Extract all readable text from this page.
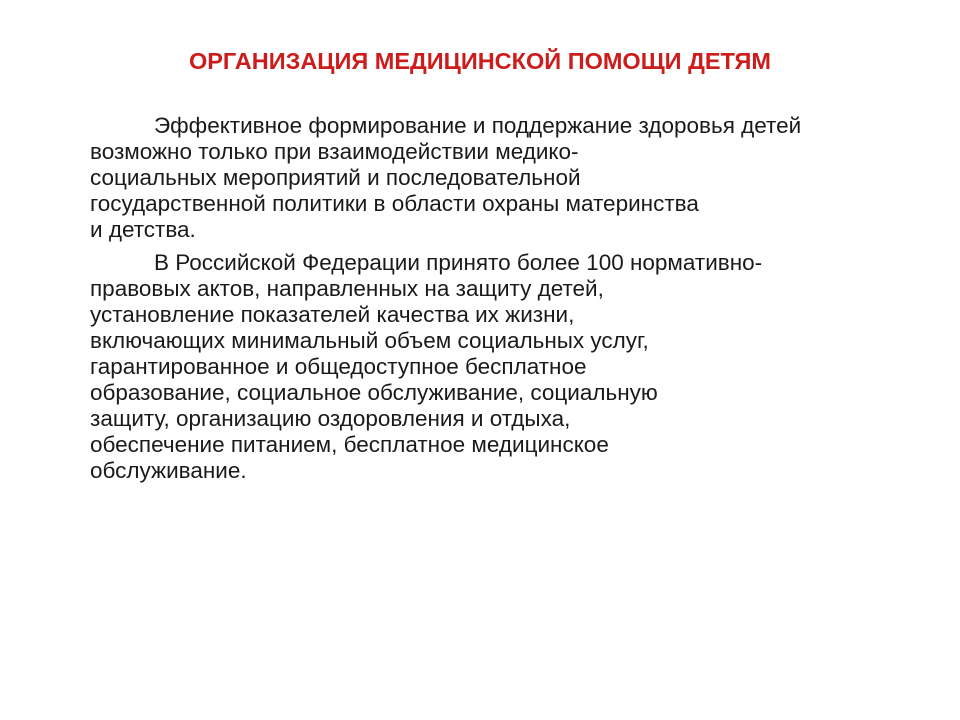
ОРГАНИЗАЦИЯ МЕДИЦИНСКОЙ ПОМОЩИ ДЕТЯМ

Эффективное формирование и поддержание здоровья детей
возможно только при взаимодействии медико-
социальных мероприятий и последовательной
государственной политики в области охраны материнства
и детства.

В Российской Федерации принято более 100 нормативно-
правовых актов, направленных на защиту детей,
установление показателей качества их жизни,
включающих минимальный объем социальных услуг,
гарантированное и общедоступное бесплатное
образование, социальное обслуживание, социальную
защиту, организацию оздоровления и отдыха,
обеспечение питанием, бесплатное медицинское
обслуживание.
